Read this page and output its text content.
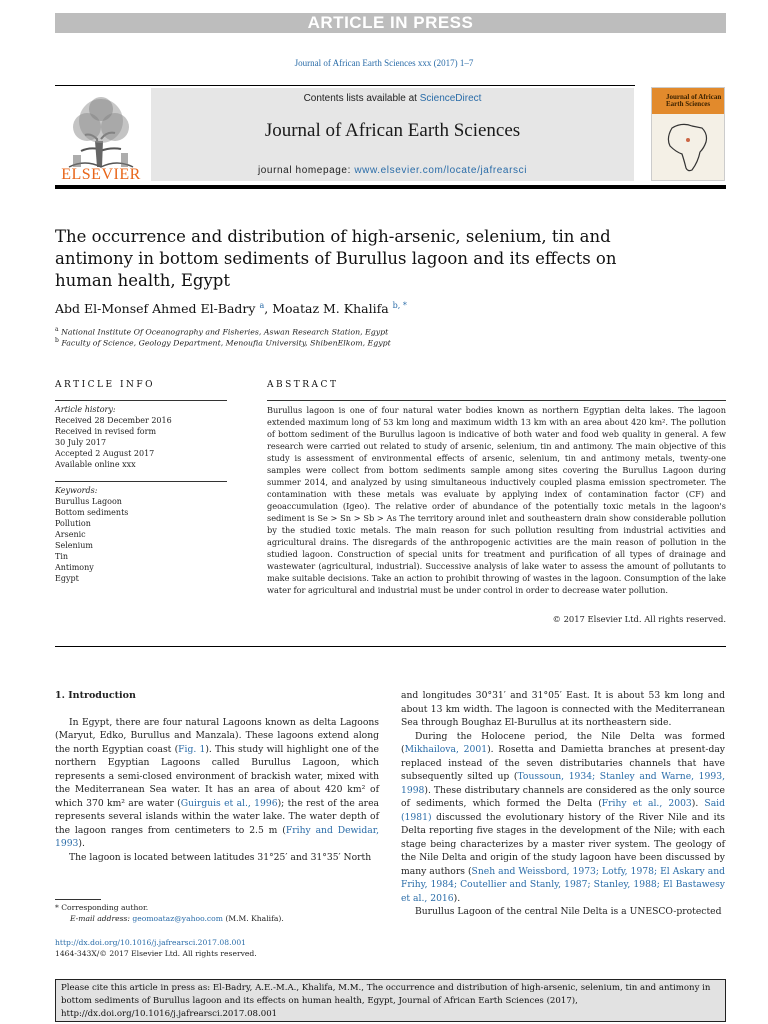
ARTICLE IN PRESS
Journal of African Earth Sciences xxx (2017) 1–7
ELSEVIER
Contents lists available at ScienceDirect
Journal of African Earth Sciences
journal homepage: www.elsevier.com/locate/jafrearsci
Journal of African Earth Sciences
The occurrence and distribution of high-arsenic, selenium, tin and antimony in bottom sediments of Burullus lagoon and its effects on human health, Egypt
Abd El-Monsef Ahmed El-Badry $^a$, Moataz M. Khalifa $^{b, *}$
$^a$ National Institute Of Oceanography and Fisheries, Aswan Research Station, Egypt
$^b$ Faculty of Science, Geology Department, Menoufia University, ShibenElkom, Egypt
ARTICLE INFO
Article history:
Received 28 December 2016
Received in revised form
30 July 2017
Accepted 2 August 2017
Available online xxx
Keywords:
Burullus Lagoon
Bottom sediments
Pollution
Arsenic
Selenium
Tin
Antimony
Egypt
ABSTRACT
Burullus lagoon is one of four natural water bodies known as northern Egyptian delta lakes. The lagoon extended maximum long of 53 km long and maximum width 13 km with an area about 420 km². The pollution of bottom sediment of the Burullus lagoon is indicative of both water and food web quality in general. A few research were carried out related to study of arsenic, selenium, tin and antimony. The main objective of this study is assessment of environmental effects of arsenic, selenium, tin and antimony metals, twenty-one samples were collect from bottom sediments sample among sites covering the Burullus Lagoon during summer 2014, and analyzed by using simultaneous inductively coupled plasma emission spectrometer. The contamination with these metals was evaluate by applying index of contamination factor (CF) and geoaccumulation (Igeo). The relative order of abundance of the potentially toxic metals in the lagoon's sediment is Se > Sn > Sb > As The territory around inlet and southeastern drain show considerable pollution by the studied toxic metals. The main reason for such pollution resulting from industrial activities and agricultural drains. The disregards of the anthropogenic activities are the main reason of pollution in the studied lagoon. Construction of special units for treatment and purification of all types of drainage and wastewater (agricultural, industrial). Successive analysis of lake water to assess the amount of pollutants to make suitable decisions. Take an action to prohibit throwing of wastes in the lagoon. Consumption of the lake water for agricultural and industrial must be under control in order to decrease water pollution.
© 2017 Elsevier Ltd. All rights reserved.

1. Introduction

In Egypt, there are four natural Lagoons known as delta Lagoons (Maryut, Edko, Burullus and Manzala). These lagoons extend along the north Egyptian coast (Fig. 1). This study will highlight one of the northern Egyptian Lagoons called Burullus Lagoon, which represents a semi-closed environment of brackish water, mixed with the Mediterranean Sea water. It has an area of about 420 km² of which 370 km² are water (Guirguis et al., 1996); the rest of the area represents several islands within the water lake. The water depth of the lagoon ranges from centimeters to 2.5 m (Frihy and Dewidar, 1993).

The lagoon is located between latitudes 31°25′ and 31°35′ North

* Corresponding author.
E-mail address: geomoataz@yahoo.com (M.M. Khalifa).
http://dx.doi.org/10.1016/j.jafrearsci.2017.08.001
1464-343X/© 2017 Elsevier Ltd. All rights reserved.

and longitudes 30°31′ and 31°05′ East. It is about 53 km long and about 13 km width. The lagoon is connected with the Mediterranean Sea through Boughaz El-Burullus at its northeastern side.

During the Holocene period, the Nile Delta was formed (Mikhailova, 2001). Rosetta and Damietta branches at present-day replaced instead of the seven distributaries channels that have subsequently silted up (Toussoun, 1934; Stanley and Warne, 1993, 1998). These distributary channels are considered as the only source of sediments, which formed the Delta (Frihy et al., 2003). Said (1981) discussed the evolutionary history of the River Nile and its Delta reporting five stages in the development of the Nile; with each stage being characterizes by a master river system. The geology of the Nile Delta and origin of the study lagoon have been discussed by many authors (Sneh and Weissbord, 1973; Lotfy, 1978; El Askary and Frihy, 1984; Coutellier and Stanly, 1987; Stanley, 1988; El Bastawesy et al., 2016).

Burullus Lagoon of the central Nile Delta is a UNESCO-protected

Please cite this article in press as: El-Badry, A.E.-M.A., Khalifa, M.M., The occurrence and distribution of high-arsenic, selenium, tin and antimony in bottom sediments of Burullus lagoon and its effects on human health, Egypt, Journal of African Earth Sciences (2017), http://dx.doi.org/10.1016/j.jafrearsci.2017.08.001
